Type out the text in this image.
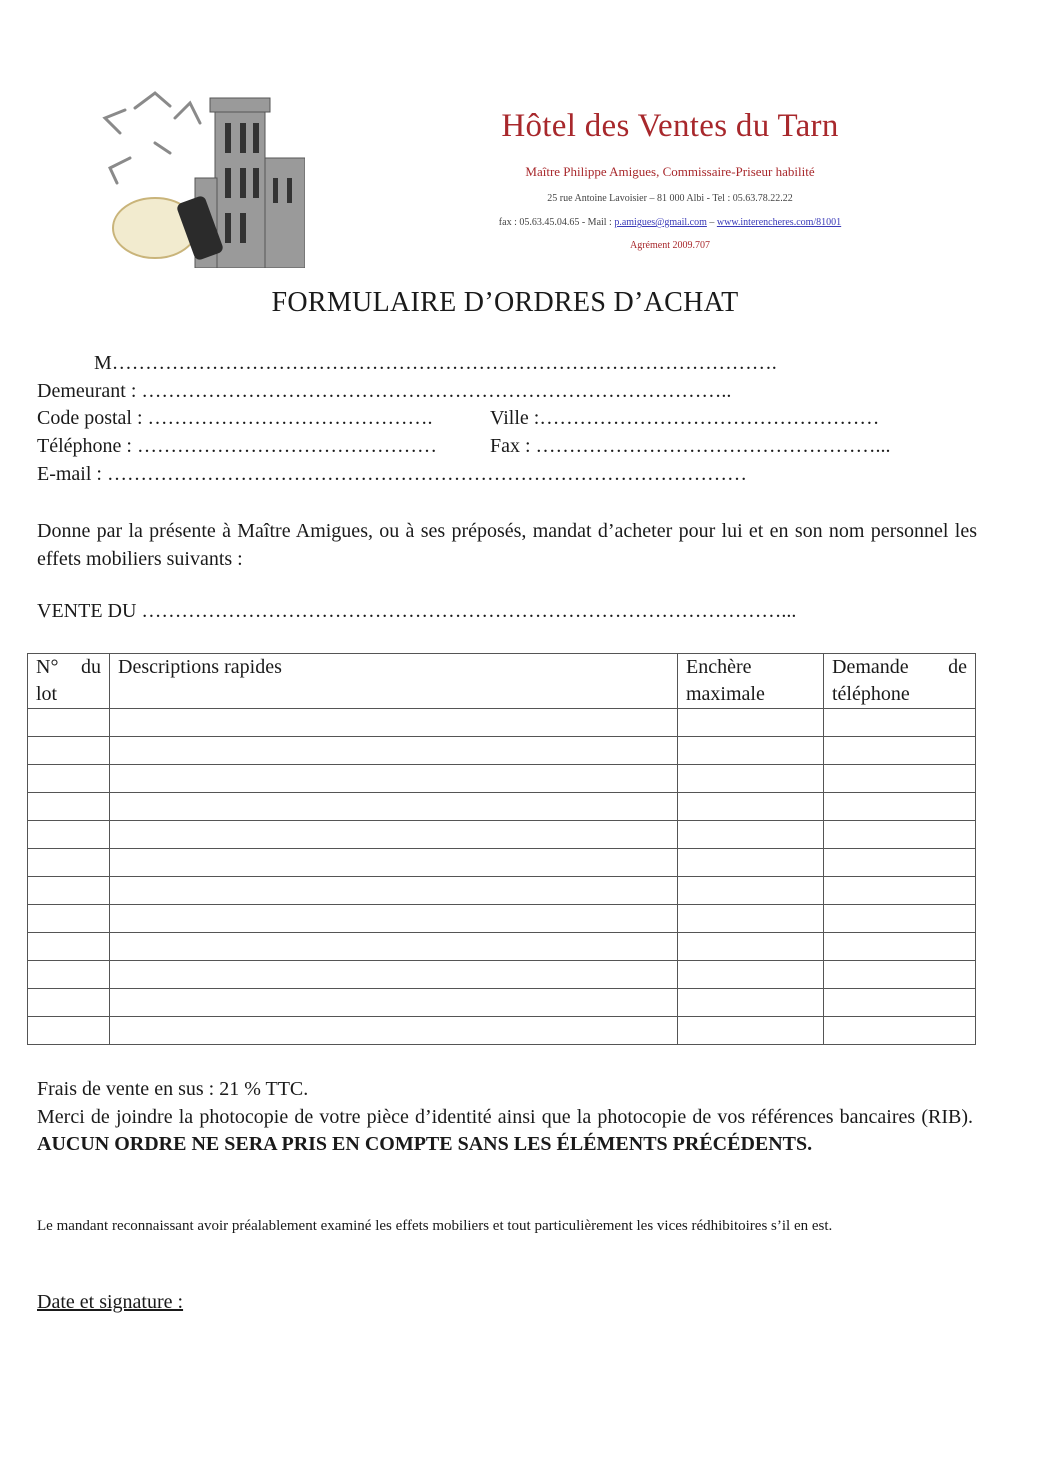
Hôtel des Ventes du Tarn
Maître Philippe Amigues, Commissaire-Priseur habilité
25 rue Antoine Lavoisier – 81 000 Albi - Tel : 05.63.78.22.22
fax : 05.63.45.04.65 - Mail : p.amigues@gmail.com – www.interencheres.com/81001
Agrément 2009.707
FORMULAIRE D’ORDRES D’ACHAT
M……………………………………………………………………………………….
Demeurant : ……………………………………………………………………………..
Code postal : …………………………………….	Ville :……………………………………………
Téléphone : ………………………………………	Fax : ……………………………………………...
E-mail : ……………………………………………………………………………………
Donne par la présente à Maître Amigues, ou à ses préposés, mandat d’acheter pour lui et en son nom personnel les effets mobiliers suivants :
VENTE DU ……………………………………………………………………………………...
N° du lot	Descriptions rapides	Enchère maximale	Demande de téléphone

Frais de vente en sus : 21 % TTC.
Merci de joindre la photocopie de votre pièce d’identité ainsi que la photocopie de vos références bancaires (RIB). AUCUN ORDRE NE SERA PRIS EN COMPTE SANS LES ÉLÉMENTS PRÉCÉDENTS.
Le mandant reconnaissant avoir préalablement examiné les effets mobiliers et tout particulièrement les vices rédhibitoires s’il en est.
Date et signature :
